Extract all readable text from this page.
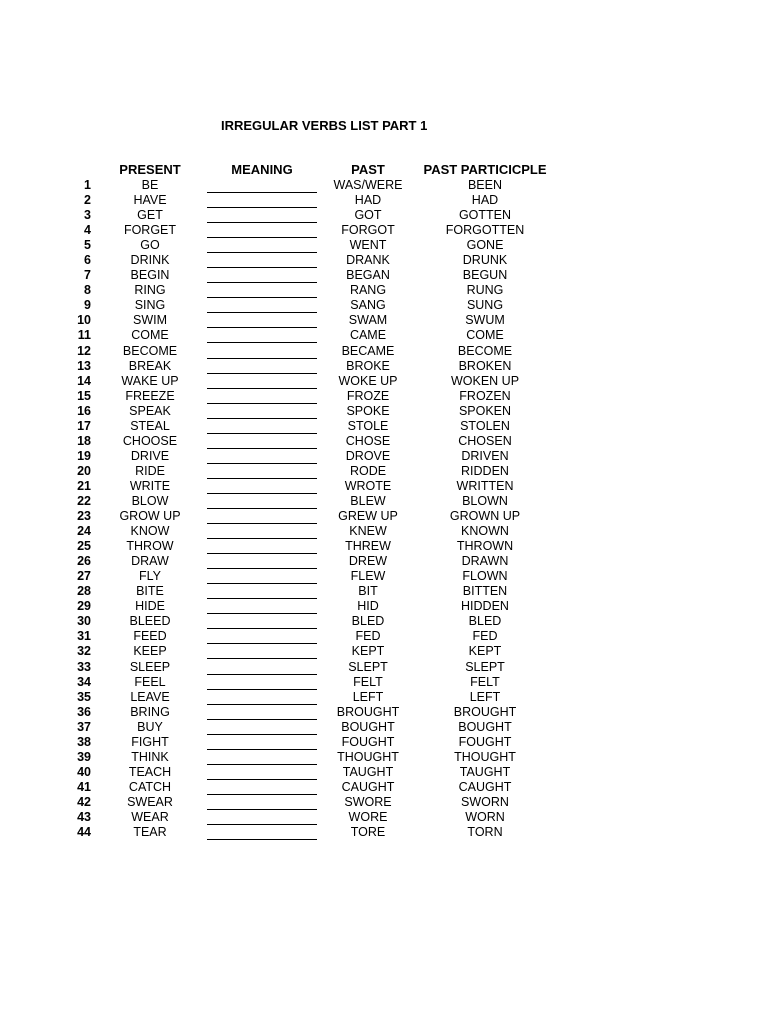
IRREGULAR VERBS LIST PART 1
PRESENT	MEANING	PAST	PAST PARTICICPLE
1	BE	WAS/WERE	BEEN
2	HAVE	HAD	HAD
3	GET	GOT	GOTTEN
4	FORGET	FORGOT	FORGOTTEN
5	GO	WENT	GONE
6	DRINK	DRANK	DRUNK
7	BEGIN	BEGAN	BEGUN
8	RING	RANG	RUNG
9	SING	SANG	SUNG
10	SWIM	SWAM	SWUM
11	COME	CAME	COME
12	BECOME	BECAME	BECOME
13	BREAK	BROKE	BROKEN
14	WAKE UP	WOKE UP	WOKEN UP
15	FREEZE	FROZE	FROZEN
16	SPEAK	SPOKE	SPOKEN
17	STEAL	STOLE	STOLEN
18	CHOOSE	CHOSE	CHOSEN
19	DRIVE	DROVE	DRIVEN
20	RIDE	RODE	RIDDEN
21	WRITE	WROTE	WRITTEN
22	BLOW	BLEW	BLOWN
23	GROW UP	GREW UP	GROWN UP
24	KNOW	KNEW	KNOWN
25	THROW	THREW	THROWN
26	DRAW	DREW	DRAWN
27	FLY	FLEW	FLOWN
28	BITE	BIT	BITTEN
29	HIDE	HID	HIDDEN
30	BLEED	BLED	BLED
31	FEED	FED	FED
32	KEEP	KEPT	KEPT
33	SLEEP	SLEPT	SLEPT
34	FEEL	FELT	FELT
35	LEAVE	LEFT	LEFT
36	BRING	BROUGHT	BROUGHT
37	BUY	BOUGHT	BOUGHT
38	FIGHT	FOUGHT	FOUGHT
39	THINK	THOUGHT	THOUGHT
40	TEACH	TAUGHT	TAUGHT
41	CATCH	CAUGHT	CAUGHT
42	SWEAR	SWORE	SWORN
43	WEAR	WORE	WORN
44	TEAR	TORE	TORN
